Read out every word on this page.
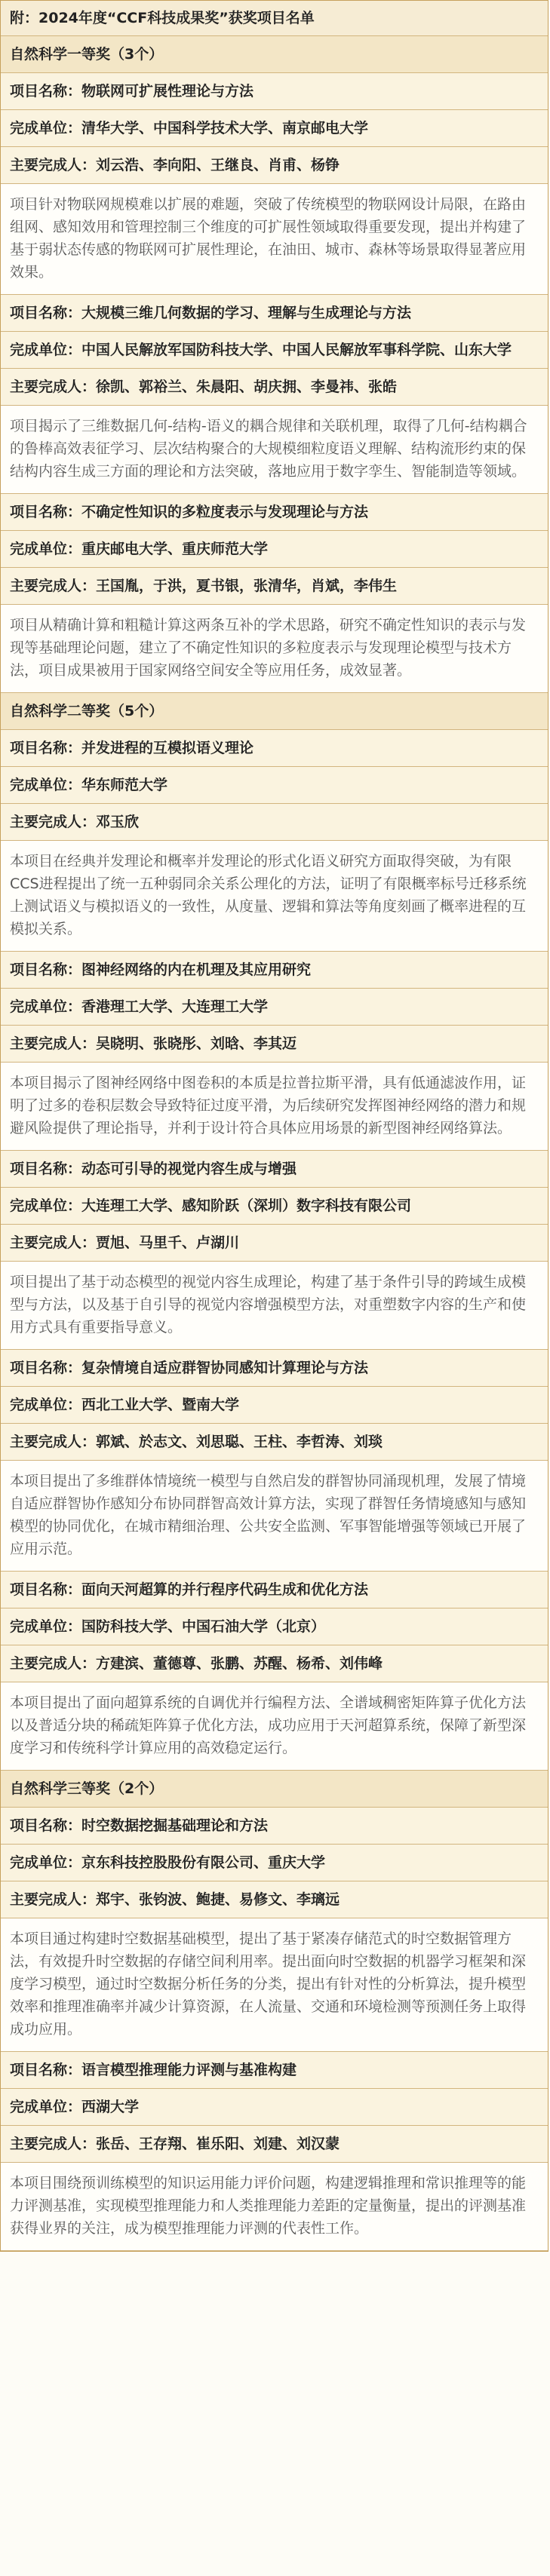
附：2024年度“CCF科技成果奖”获奖项目名单
自然科学一等奖（3个）
项目名称：物联网可扩展性理论与方法
完成单位：清华大学、中国科学技术大学、南京邮电大学
主要完成人：刘云浩、李向阳、王继良、肖甫、杨铮
项目针对物联网规模难以扩展的难题，突破了传统模型的物联网设计局限，在路由组网、感知效用和管理控制三个维度的可扩展性领域取得重要发现，提出并构建了基于弱状态传感的物联网可扩展性理论，在油田、城市、森林等场景取得显著应用效果。
项目名称：大规模三维几何数据的学习、理解与生成理论与方法
完成单位：中国人民解放军国防科技大学、中国人民解放军事科学院、山东大学
主要完成人：徐凯、郭裕兰、朱晨阳、胡庆拥、李曼祎、张皓
项目揭示了三维数据几何-结构-语义的耦合规律和关联机理，取得了几何-结构耦合的鲁棒高效表征学习、层次结构聚合的大规模细粒度语义理解、结构流形约束的保结构内容生成三方面的理论和方法突破，落地应用于数字孪生、智能制造等领域。
项目名称：不确定性知识的多粒度表示与发现理论与方法
完成单位：重庆邮电大学、重庆师范大学
主要完成人：王国胤，于洪，夏书银，张清华，肖斌，李伟生
项目从精确计算和粗糙计算这两条互补的学术思路，研究不确定性知识的表示与发现等基础理论问题，建立了不确定性知识的多粒度表示与发现理论模型与技术方法，项目成果被用于国家网络空间安全等应用任务，成效显著。
自然科学二等奖（5个）
项目名称：并发进程的互模拟语义理论
完成单位：华东师范大学
主要完成人：邓玉欣
本项目在经典并发理论和概率并发理论的形式化语义研究方面取得突破，为有限CCS进程提出了统一五种弱同余关系公理化的方法，证明了有限概率标号迁移系统上测试语义与模拟语义的一致性，从度量、逻辑和算法等角度刻画了概率进程的互模拟关系。
项目名称：图神经网络的内在机理及其应用研究
完成单位：香港理工大学、大连理工大学
主要完成人：吴晓明、张晓彤、刘晗、李其迈
本项目揭示了图神经网络中图卷积的本质是拉普拉斯平滑，具有低通滤波作用，证明了过多的卷积层数会导致特征过度平滑，为后续研究发挥图神经网络的潜力和规避风险提供了理论指导，并利于设计符合具体应用场景的新型图神经网络算法。
项目名称：动态可引导的视觉内容生成与增强
完成单位：大连理工大学、感知阶跃（深圳）数字科技有限公司
主要完成人：贾旭、马里千、卢湖川
项目提出了基于动态模型的视觉内容生成理论，构建了基于条件引导的跨域生成模型与方法，以及基于自引导的视觉内容增强模型方法，对重塑数字内容的生产和使用方式具有重要指导意义。
项目名称：复杂情境自适应群智协同感知计算理论与方法
完成单位：西北工业大学、暨南大学
主要完成人：郭斌、於志文、刘思聪、王柱、李哲涛、刘琰
本项目提出了多维群体情境统一模型与自然启发的群智协同涌现机理，发展了情境自适应群智协作感知分布协同群智高效计算方法，实现了群智任务情境感知与感知模型的协同优化，在城市精细治理、公共安全监测、军事智能增强等领域已开展了应用示范。
项目名称：面向天河超算的并行程序代码生成和优化方法
完成单位：国防科技大学、中国石油大学（北京）
主要完成人：方建滨、董德尊、张鹏、苏醒、杨希、刘伟峰
本项目提出了面向超算系统的自调优并行编程方法、全谱域稠密矩阵算子优化方法以及普适分块的稀疏矩阵算子优化方法，成功应用于天河超算系统，保障了新型深度学习和传统科学计算应用的高效稳定运行。
自然科学三等奖（2个）
项目名称：时空数据挖掘基础理论和方法
完成单位：京东科技控股股份有限公司、重庆大学
主要完成人：郑宇、张钧波、鲍捷、易修文、李璃远
本项目通过构建时空数据基础模型，提出了基于紧凑存储范式的时空数据管理方法，有效提升时空数据的存储空间利用率。提出面向时空数据的机器学习框架和深度学习模型，通过时空数据分析任务的分类，提出有针对性的分析算法，提升模型效率和推理准确率并减少计算资源，在人流量、交通和环境检测等预测任务上取得成功应用。
项目名称：语言模型推理能力评测与基准构建
完成单位：西湖大学
主要完成人：张岳、王存翔、崔乐阳、刘建、刘汉蒙
本项目围绕预训练模型的知识运用能力评价问题，构建逻辑推理和常识推理等的能力评测基准，实现模型推理能力和人类推理能力差距的定量衡量，提出的评测基准获得业界的关注，成为模型推理能力评测的代表性工作。
